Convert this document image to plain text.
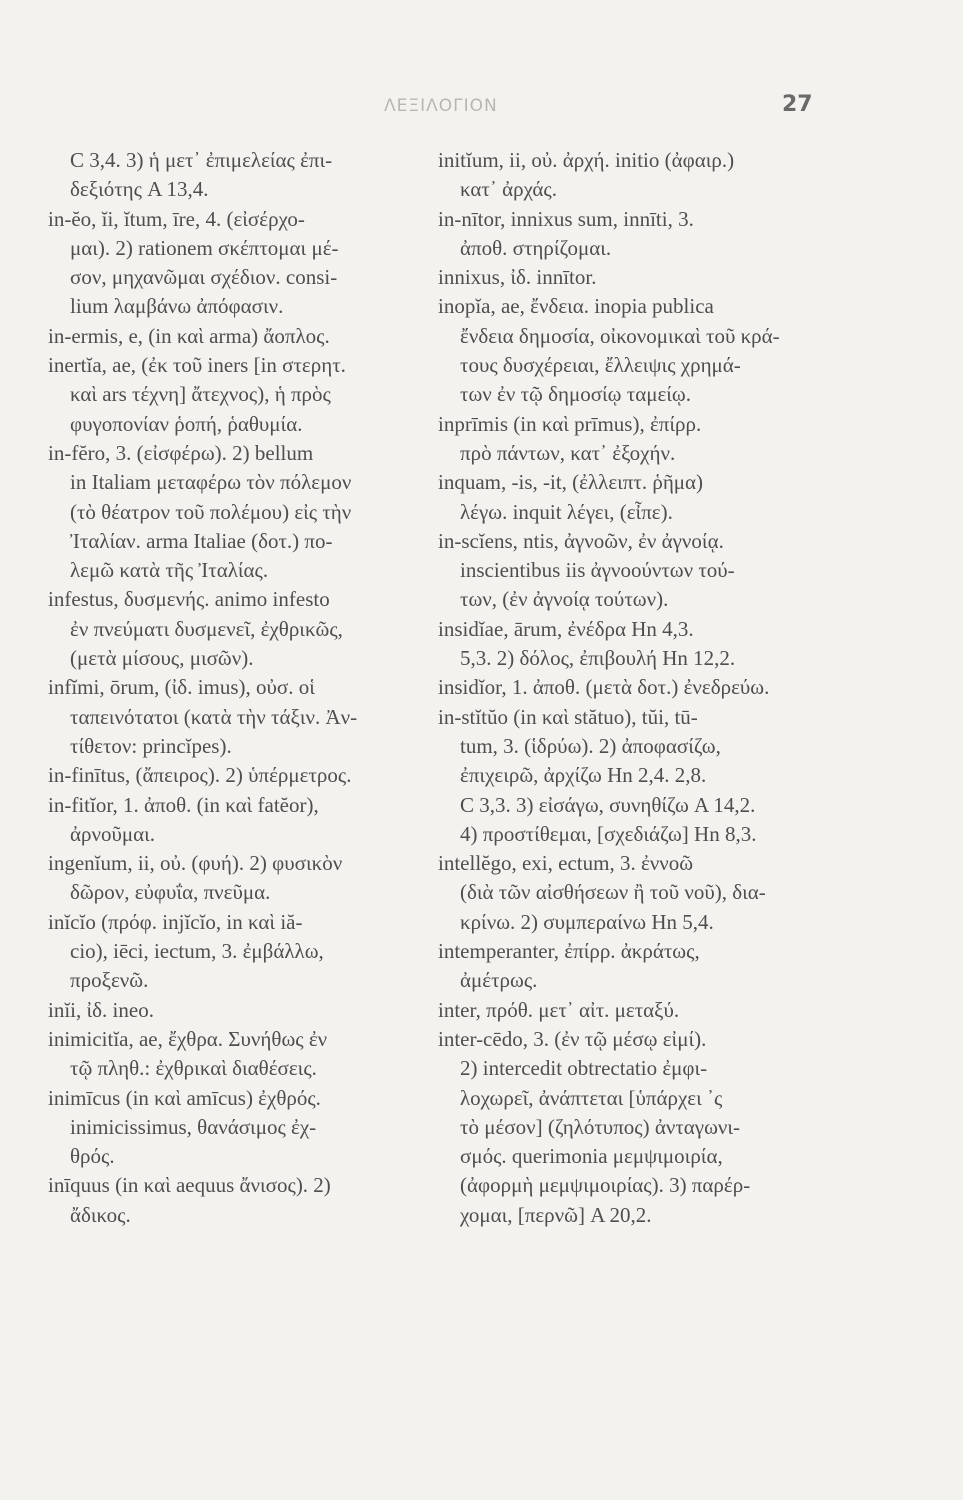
ΛΕΞΙΛΟΓΙΟΝ	27
C 3,4. 3) ἡ μετ᾽ ἐπιμελείας ἐπι-
δεξιότης A 13,4.
in-ĕo, ĭi, ĭtum, īre, 4. (εἰσέρχο-
μαι). 2) rationem σκέπτομαι μέ-
σον, μηχανῶμαι σχέδιον. consi-
lium λαμβάνω ἀπόφασιν.
in-ermis, e, (in καὶ arma) ἄοπλος.
inertĭa, ae, (ἐκ τοῦ iners [in στερητ.
καὶ ars τέχνη] ἄτεχνος), ἡ πρὸς
φυγοπονίαν ῥοπή, ῥαθυμία.
in-fĕro, 3. (εἰσφέρω). 2) bellum
in Italiam μεταφέρω τὸν πόλεμον
(τὸ θέατρον τοῦ πολέμου) εἰς τὴν
Ἰταλίαν. arma Italiae (δοτ.) πο-
λεμῶ κατὰ τῆς Ἰταλίας.
infestus, δυσμενής. animo infesto
ἐν πνεύματι δυσμενεῖ, ἐχθρικῶς,
(μετὰ μίσους, μισῶν).
infĭmi, ōrum, (ἰδ. imus), οὐσ. οἱ
ταπεινότατοι (κατὰ τὴν τάξιν. Ἀν-
τίθετον: princĭpes).
in-finītus, (ἄπειρος). 2) ὑπέρμετρος.
in-fitĭor, 1. ἀποθ. (in καὶ fatĕor),
ἀρνοῦμαι.
ingenĭum, ii, οὐ. (φυή). 2) φυσικὸν
δῶρον, εὐφυΐα, πνεῦμα.
inĭcĭo (πρόφ. injĭcĭo, in καὶ iă-
cio), iēci, iectum, 3. ἐμβάλλω,
προξενῶ.
inĭi, ἰδ. ineo.
inimicitĭa, ae, ἔχθρα. Συνήθως ἐν
τῷ πληθ.: ἐχθρικαὶ διαθέσεις.
inimīcus (in καὶ amīcus) ἐχθρός.
inimicissimus, θανάσιμος ἐχ-
θρός.
inīquus (in καὶ aequus ἄνισος). 2)
ἄδικος.
initĭum, ii, οὐ. ἀρχή. initio (ἀφαιρ.)
κατ᾽ ἀρχάς.
in-nītor, innixus sum, innīti, 3.
ἀποθ. στηρίζομαι.
innixus, ἰδ. innītor.
inopĭa, ae, ἔνδεια. inopia publica
ἔνδεια δημοσία, οἰκονομικαὶ τοῦ κρά-
τους δυσχέρειαι, ἔλλειψις χρημά-
των ἐν τῷ δημοσίῳ ταμείῳ.
inprīmis (in καὶ prīmus), ἐπίρρ.
πρὸ πάντων, κατ᾽ ἐξοχήν.
inquam, -is, -it, (ἐλλειπτ. ῥῆμα)
λέγω. inquit λέγει, (εἶπε).
in-scĭens, ntis, ἀγνοῶν, ἐν ἀγνοίᾳ.
inscientibus iis ἀγνοούντων τού-
των, (ἐν ἀγνοίᾳ τούτων).
insidĭae, ārum, ἐνέδρα Hn 4,3.
5,3. 2) δόλος, ἐπιβουλή Hn 12,2.
insidĭor, 1. ἀποθ. (μετὰ δοτ.) ἐνεδρεύω.
in-stĭtŭo (in καὶ stătuo), tŭi, tū-
tum, 3. (ἱδρύω). 2) ἀποφασίζω,
ἐπιχειρῶ, ἀρχίζω Hn 2,4. 2,8.
C 3,3. 3) εἰσάγω, συνηθίζω A 14,2.
4) προστίθεμαι, [σχεδιάζω] Hn 8,3.
intellĕgo, exi, ectum, 3. ἐννοῶ
(διὰ τῶν αἰσθήσεων ἢ τοῦ νοῦ), δια-
κρίνω. 2) συμπεραίνω Hn 5,4.
intemperanter, ἐπίρρ. ἀκράτως,
ἀμέτρως.
inter, πρόθ. μετ᾽ αἰτ. μεταξύ.
inter-cēdo, 3. (ἐν τῷ μέσῳ εἰμί).
2) intercedit obtrectatio ἐμφι-
λοχωρεῖ, ἀνάπτεται [ὑπάρχει ᾽ς
τὸ μέσον] (ζηλότυπος) ἀνταγωνι-
σμός. querimonia μεμψιμοιρία,
(ἀφορμὴ μεμψιμοιρίας). 3) παρέρ-
χομαι, [περνῶ] A 20,2.
